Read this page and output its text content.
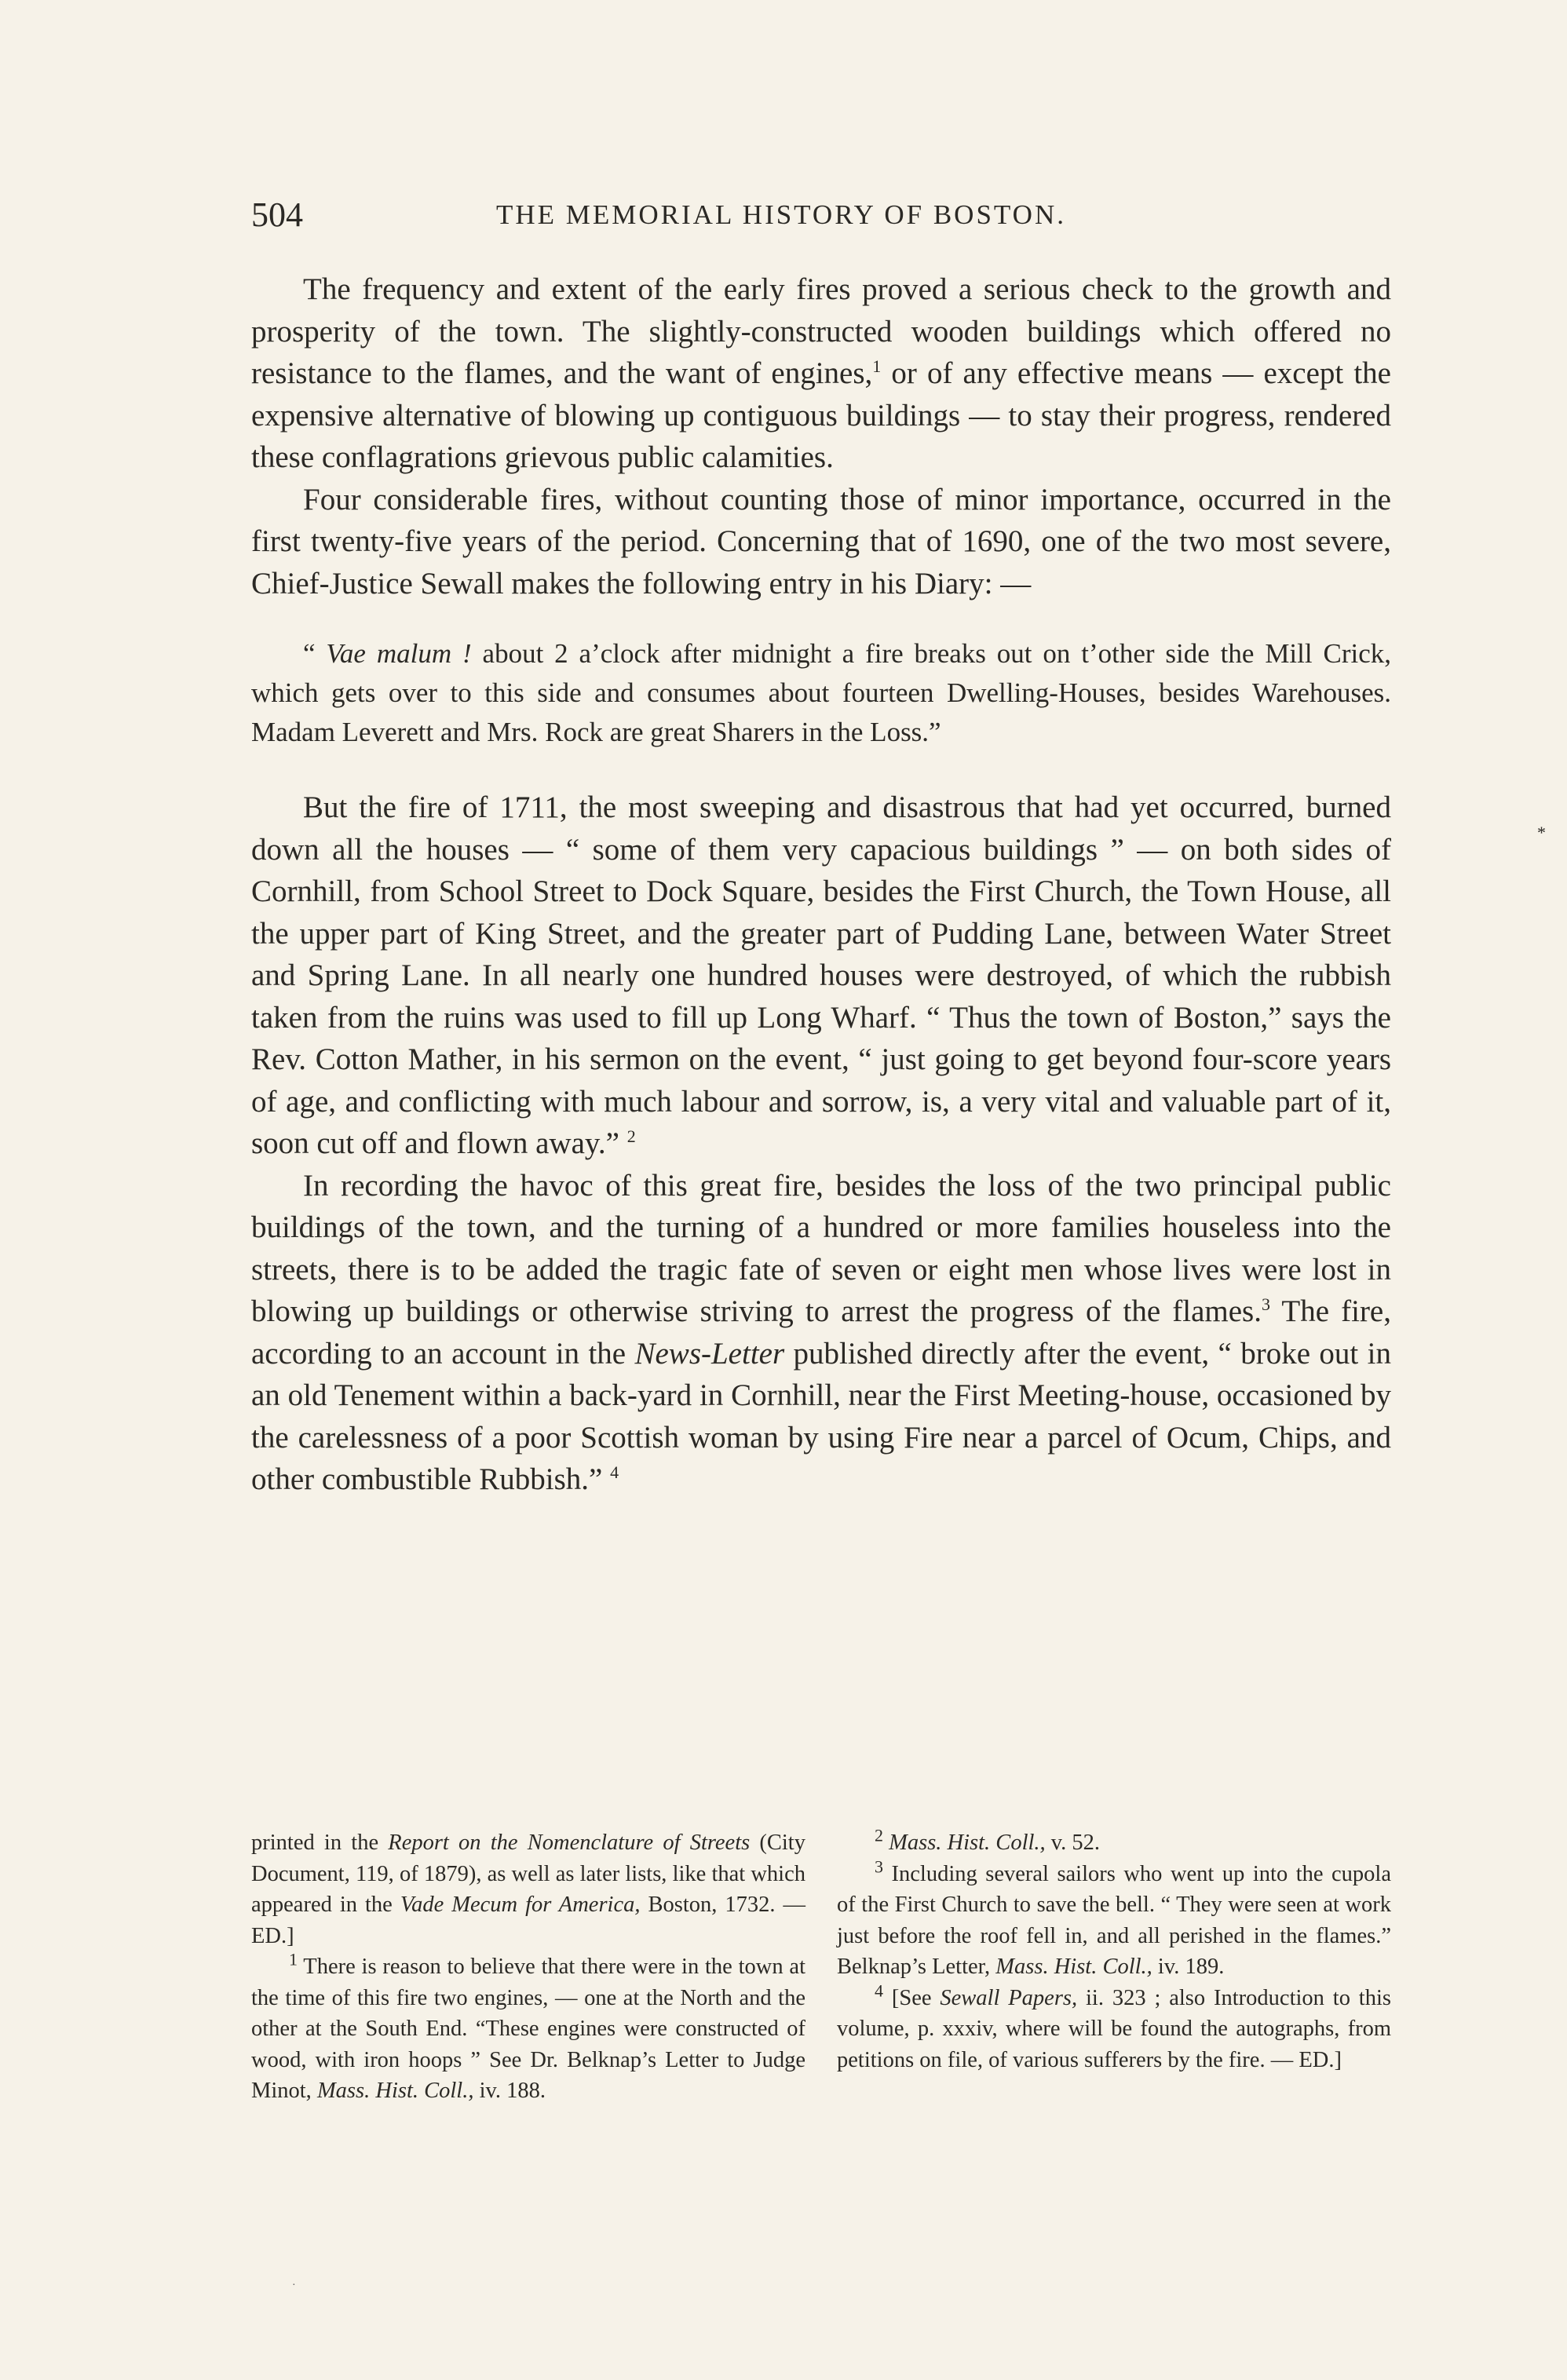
504	THE MEMORIAL HISTORY OF BOSTON.

The frequency and extent of the early fires proved a serious check to the growth and prosperity of the town. The slightly-constructed wooden buildings which offered no resistance to the flames, and the want of engines,$^1$ or of any effective means — except the expensive alternative of blowing up contiguous buildings — to stay their progress, rendered these conflagrations grievous public calamities.

Four considerable fires, without counting those of minor importance, occurred in the first twenty-five years of the period. Concerning that of 1690, one of the two most severe, Chief-Justice Sewall makes the following entry in his Diary: —

“ Vae malum ! about 2 a’clock after midnight a fire breaks out on t’other side the Mill Crick, which gets over to this side and consumes about fourteen Dwelling-Houses, besides Warehouses. Madam Leverett and Mrs. Rock are great Sharers in the Loss.”

But the fire of 1711, the most sweeping and disastrous that had yet occurred, burned down all the houses — “ some of them very capacious buildings ” — on both sides of Cornhill, from School Street to Dock Square, besides the First Church, the Town House, all the upper part of King Street, and the greater part of Pudding Lane, between Water Street and Spring Lane. In all nearly one hundred houses were destroyed, of which the rubbish taken from the ruins was used to fill up Long Wharf. “ Thus the town of Boston,” says the Rev. Cotton Mather, in his sermon on the event, “ just going to get beyond four-score years of age, and conflicting with much labour and sorrow, is, a very vital and valuable part of it, soon cut off and flown away.” $^2$

In recording the havoc of this great fire, besides the loss of the two principal public buildings of the town, and the turning of a hundred or more families houseless into the streets, there is to be added the tragic fate of seven or eight men whose lives were lost in blowing up buildings or otherwise striving to arrest the progress of the flames.$^3$ The fire, according to an account in the News-Letter published directly after the event, “ broke out in an old Tenement within a back-yard in Cornhill, near the First Meeting-house, occasioned by the carelessness of a poor Scottish woman by using Fire near a parcel of Ocum, Chips, and other combustible Rubbish.” $^4$

printed in the Report on the Nomenclature of Streets (City Document, 119, of 1879), as well as later lists, like that which appeared in the Vade Mecum for America, Boston, 1732. — ED.]

$^1$ There is reason to believe that there were in the town at the time of this fire two engines, — one at the North and the other at the South End. “These engines were constructed of wood, with iron hoops ” See Dr. Belknap’s Letter to Judge Minot, Mass. Hist. Coll., iv. 188.

$^2$ Mass. Hist. Coll., v. 52.

$^3$ Including several sailors who went up into the cupola of the First Church to save the bell. “ They were seen at work just before the roof fell in, and all perished in the flames.” Belknap’s Letter, Mass. Hist. Coll., iv. 189.

$^4$ [See Sewall Papers, ii. 323 ; also Introduction to this volume, p. xxxiv, where will be found the autographs, from petitions on file, of various sufferers by the fire. — ED.]

*
·
